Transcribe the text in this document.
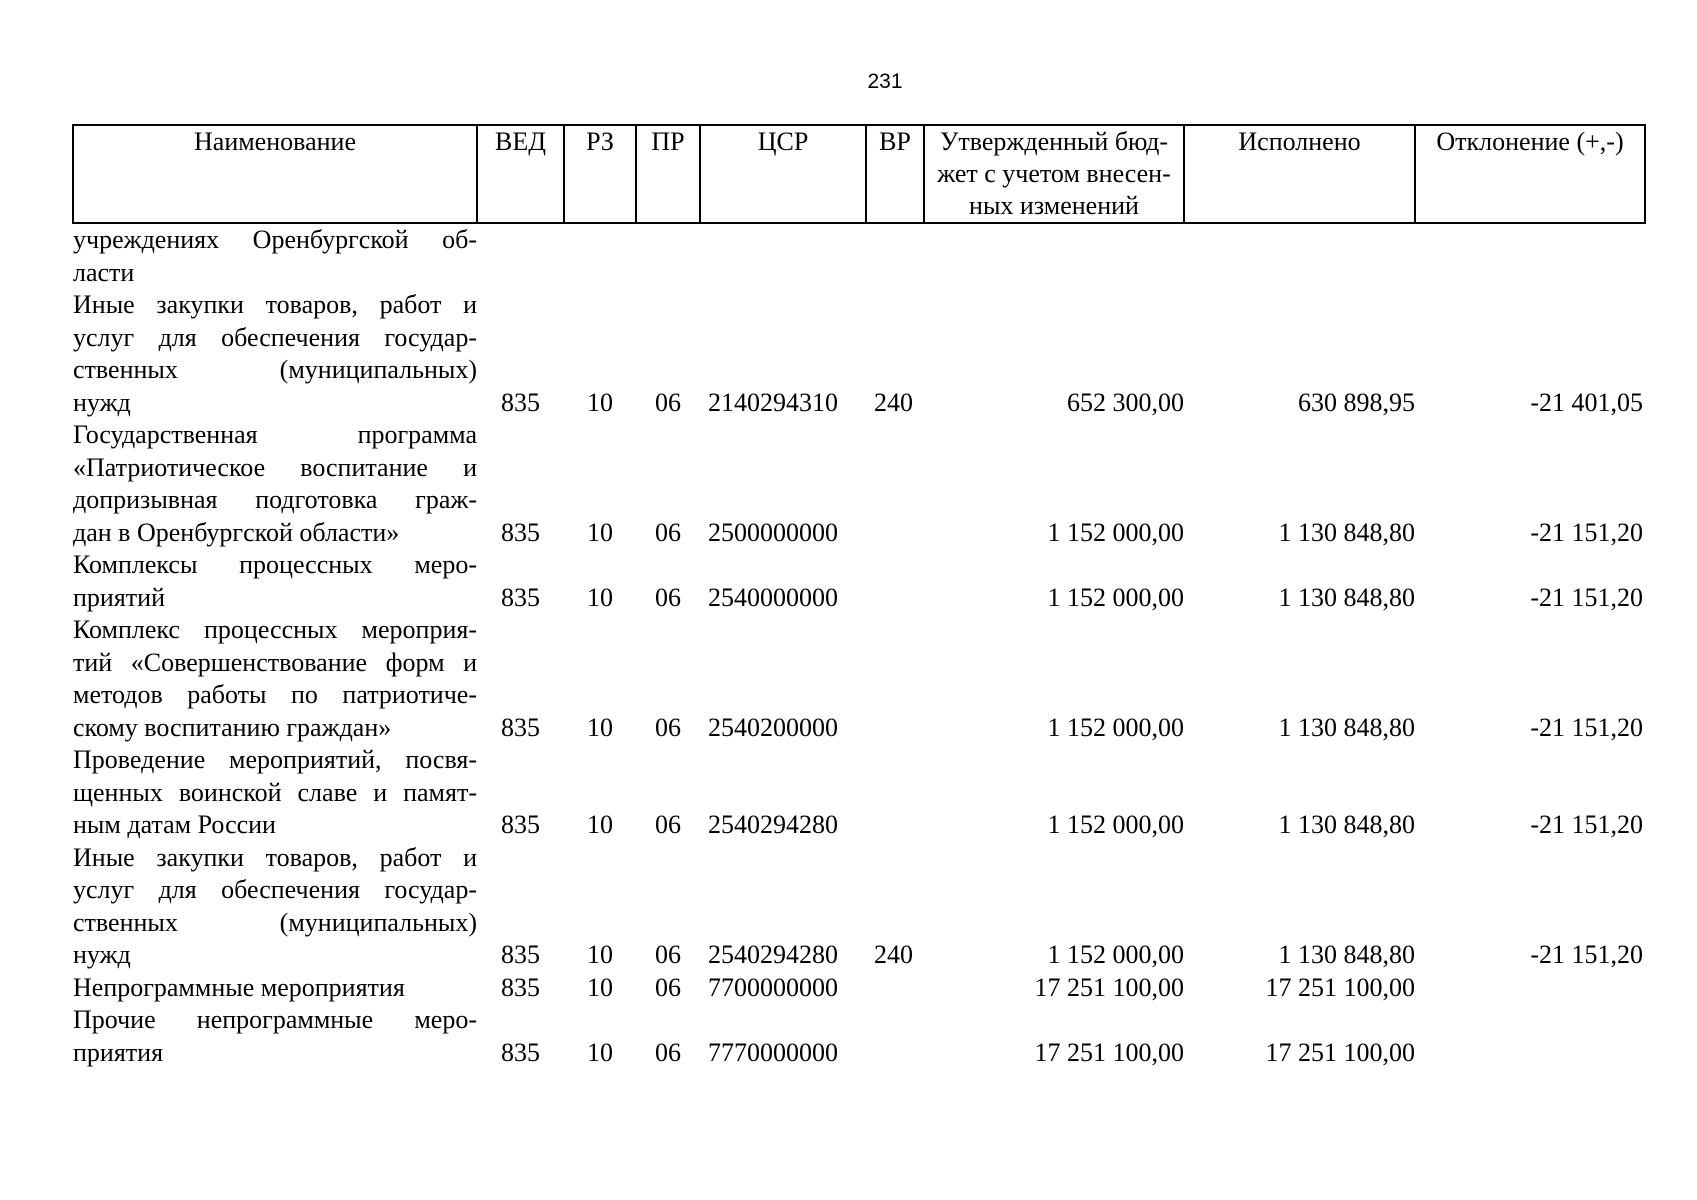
231
Наименование	ВЕД	РЗ	ПР	ЦСР	ВР	Утвержденный бюд-
жет с учетом внесен-
ных изменений	Исполнено	Отклонение (+,-)

учреждениях Оренбургской об-
ласти								

Иные закупки товаров, работ и
услуг для обеспечения государ-
ственных (муниципальных)
нужд	835	10	06	2140294310	240	652 300,00	630 898,95	-21 401,05

Государственная программа
«Патриотическое воспитание и
допризывная подготовка граж-
дан в Оренбургской области»	835	10	06	2500000000		1 152 000,00	1 130 848,80	-21 151,20

Комплексы процессных меро-
приятий	835	10	06	2540000000		1 152 000,00	1 130 848,80	-21 151,20

Комплекс процессных мероприя-
тий «Совершенствование форм и
методов работы по патриотиче-
скому воспитанию граждан»	835	10	06	2540200000		1 152 000,00	1 130 848,80	-21 151,20

Проведение мероприятий, посвя-
щенных воинской славе и памят-
ным датам России	835	10	06	2540294280		1 152 000,00	1 130 848,80	-21 151,20

Иные закупки товаров, работ и
услуг для обеспечения государ-
ственных (муниципальных)
нужд	835	10	06	2540294280	240	1 152 000,00	1 130 848,80	-21 151,20

Непрограммные мероприятия	835	10	06	7700000000		17 251 100,00	17 251 100,00	

Прочие непрограммные меро-
приятия	835	10	06	7770000000		17 251 100,00	17 251 100,00	
